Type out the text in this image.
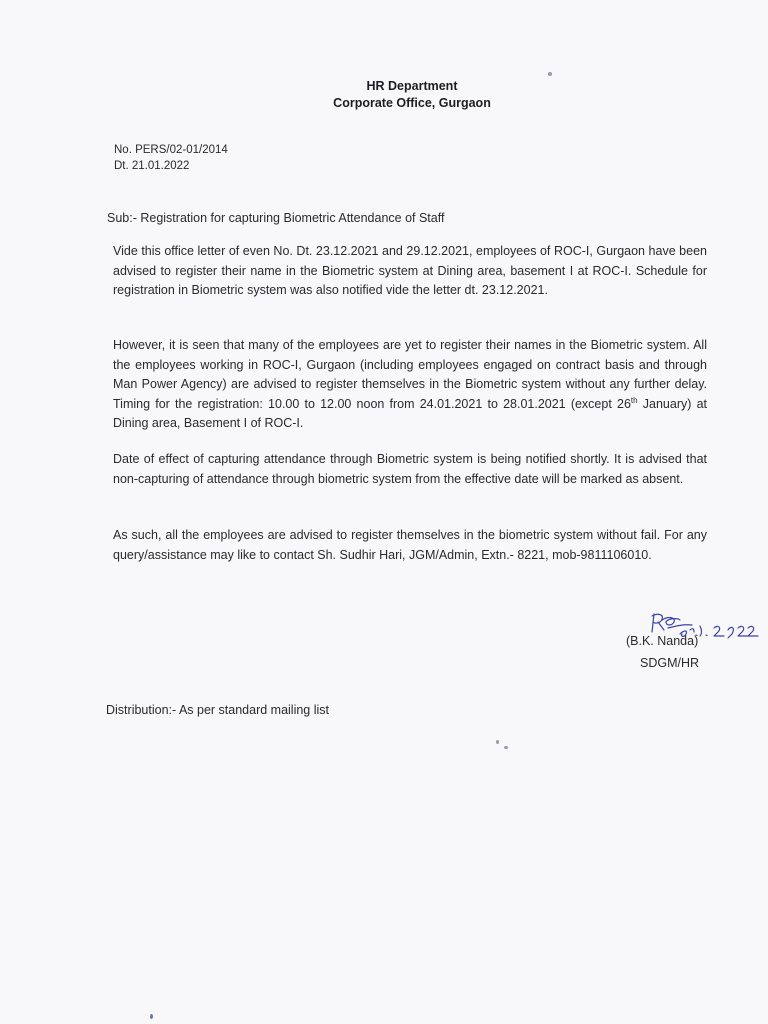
HR Department
Corporate Office, Gurgaon
No. PERS/02-01/2014
Dt. 21.01.2022
Sub:- Registration for capturing Biometric Attendance of Staff
Vide this office letter of even No. Dt. 23.12.2021 and 29.12.2021, employees of ROC-I, Gurgaon have been advised to register their name in the Biometric system at Dining area, basement I at ROC-I. Schedule for registration in Biometric system was also notified vide the letter dt. 23.12.2021.
However, it is seen that many of the employees are yet to register their names in the Biometric system. All the employees working in ROC-I, Gurgaon (including employees engaged on contract basis and through Man Power Agency) are advised to register themselves in the Biometric system without any further delay. Timing for the registration: 10.00 to 12.00 noon from 24.01.2021 to 28.01.2021 (except 26th January) at Dining area, Basement I of ROC-I.
Date of effect of capturing attendance through Biometric system is being notified shortly. It is advised that non-capturing of attendance through biometric system from the effective date will be marked as absent.
As such, all the employees are advised to register themselves in the biometric system without fail. For any query/assistance may like to contact Sh. Sudhir Hari, JGM/Admin, Extn.- 8221, mob-9811106010.
(B.K. Nanda)
SDGM/HR
Distribution:- As per standard mailing list
